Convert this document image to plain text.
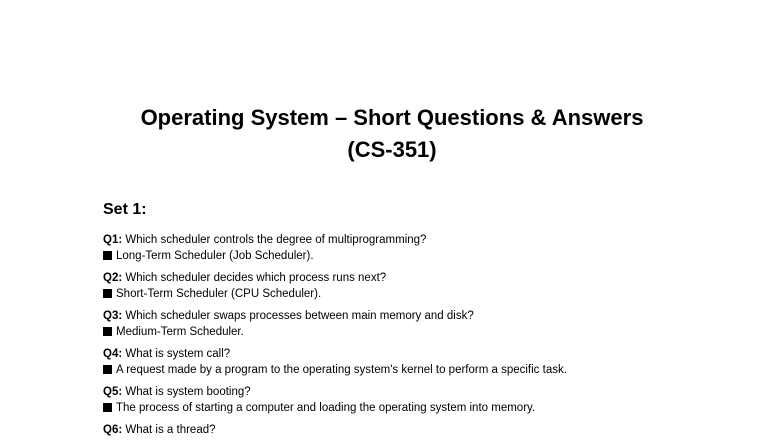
Operating System – Short Questions & Answers
(CS-351)
Set 1:
Q1: Which scheduler controls the degree of multiprogramming?
Long-Term Scheduler (Job Scheduler).
Q2: Which scheduler decides which process runs next?
Short-Term Scheduler (CPU Scheduler).
Q3: Which scheduler swaps processes between main memory and disk?
Medium-Term Scheduler.
Q4: What is system call?
A request made by a program to the operating system's kernel to perform a specific task.
Q5: What is system booting?
The process of starting a computer and loading the operating system into memory.
Q6: What is a thread?
